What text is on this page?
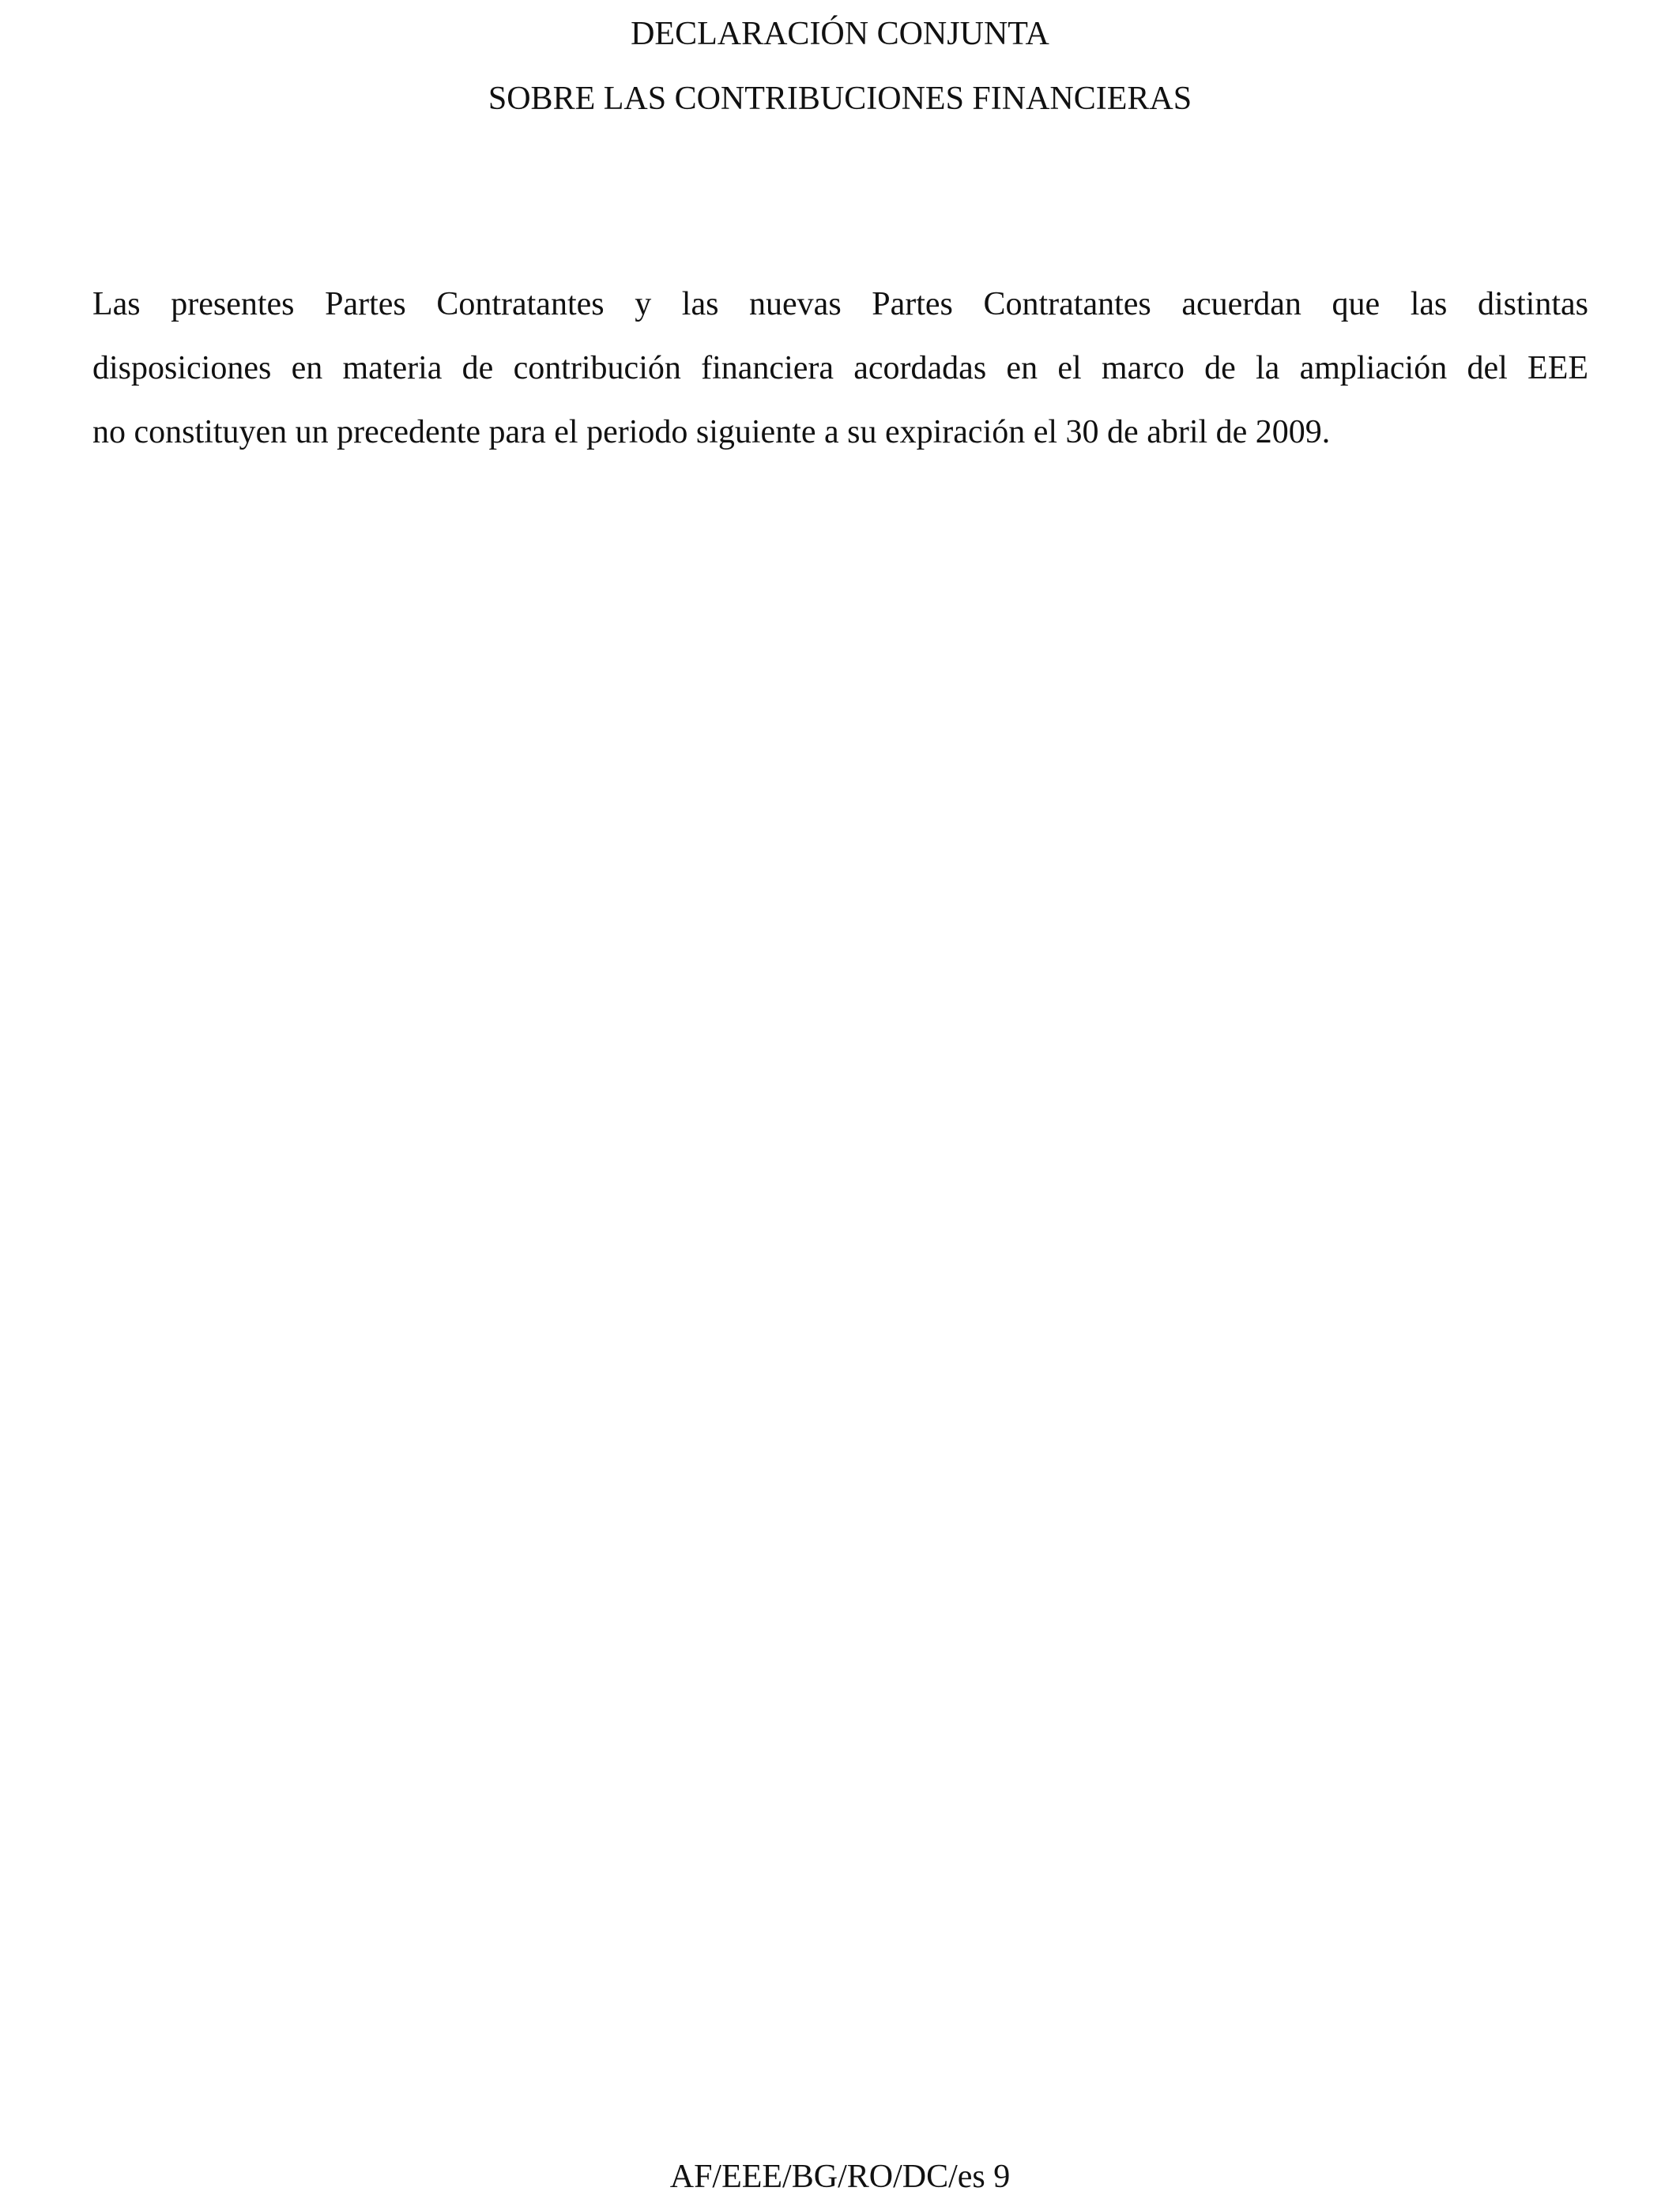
DECLARACIÓN CONJUNTA
SOBRE LAS CONTRIBUCIONES FINANCIERAS
Las presentes Partes Contratantes y las nuevas Partes Contratantes acuerdan que las distintas
disposiciones en materia de contribución financiera acordadas en el marco de la ampliación del EEE
no constituyen un precedente para el periodo siguiente a su expiración el 30 de abril de 2009.
AF/EEE/BG/RO/DC/es 9
